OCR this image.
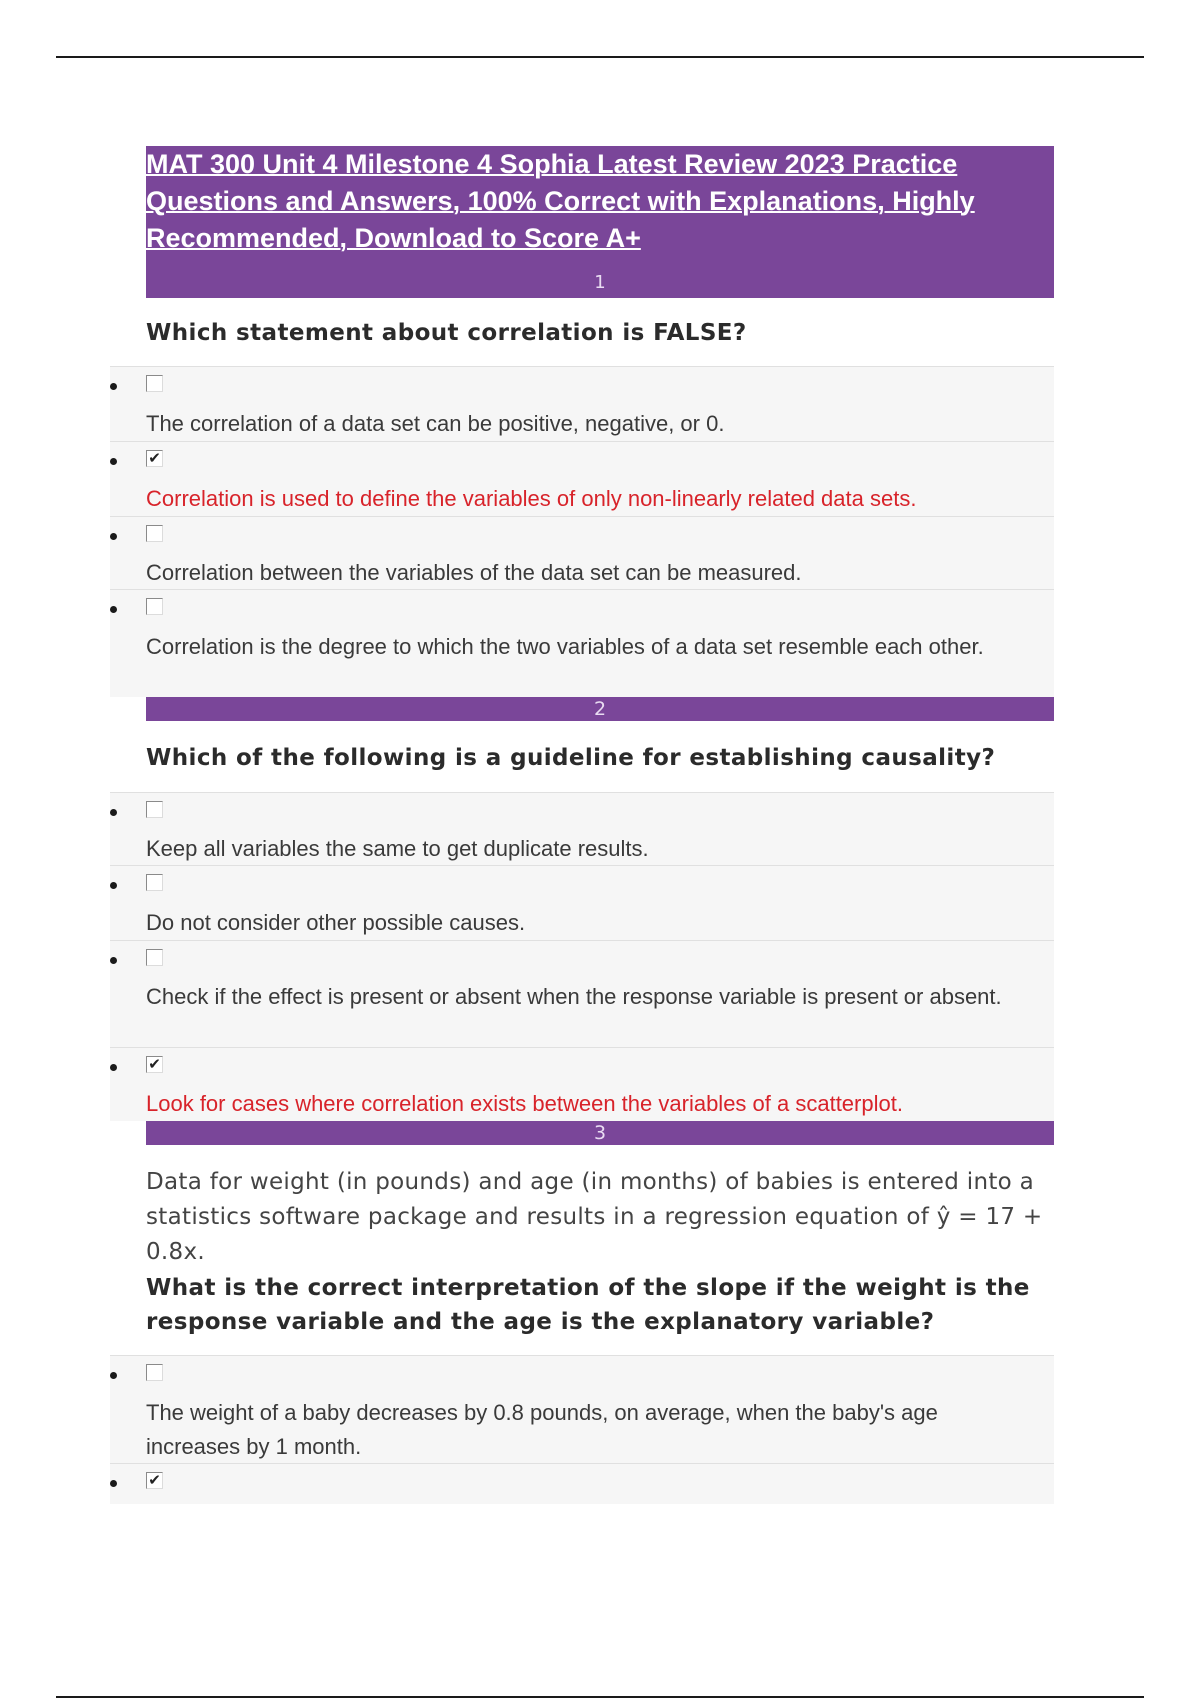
MAT 300 Unit 4 Milestone 4 Sophia Latest Review 2023 Practice
Questions and Answers, 100% Correct with Explanations, Highly
Recommended, Download to Score A+
1
Which statement about correlation is FALSE?
The correlation of a data set can be positive, negative, or 0.
✔
Correlation is used to define the variables of only non-linearly related data sets.
Correlation between the variables of the data set can be measured.
Correlation is the degree to which the two variables of a data set resemble each other.
2
Which of the following is a guideline for establishing causality?
Keep all variables the same to get duplicate results.
Do not consider other possible causes.
Check if the effect is present or absent when the response variable is present or absent.
✔
Look for cases where correlation exists between the variables of a scatterplot.
3
Data for weight (in pounds) and age (in months) of babies is entered into a statistics software package and results in a regression equation of ŷ = 17 + 0.8x.
What is the correct interpretation of the slope if the weight is the response variable and the age is the explanatory variable?
The weight of a baby decreases by 0.8 pounds, on average, when the baby's age increases by 1 month.
✔
